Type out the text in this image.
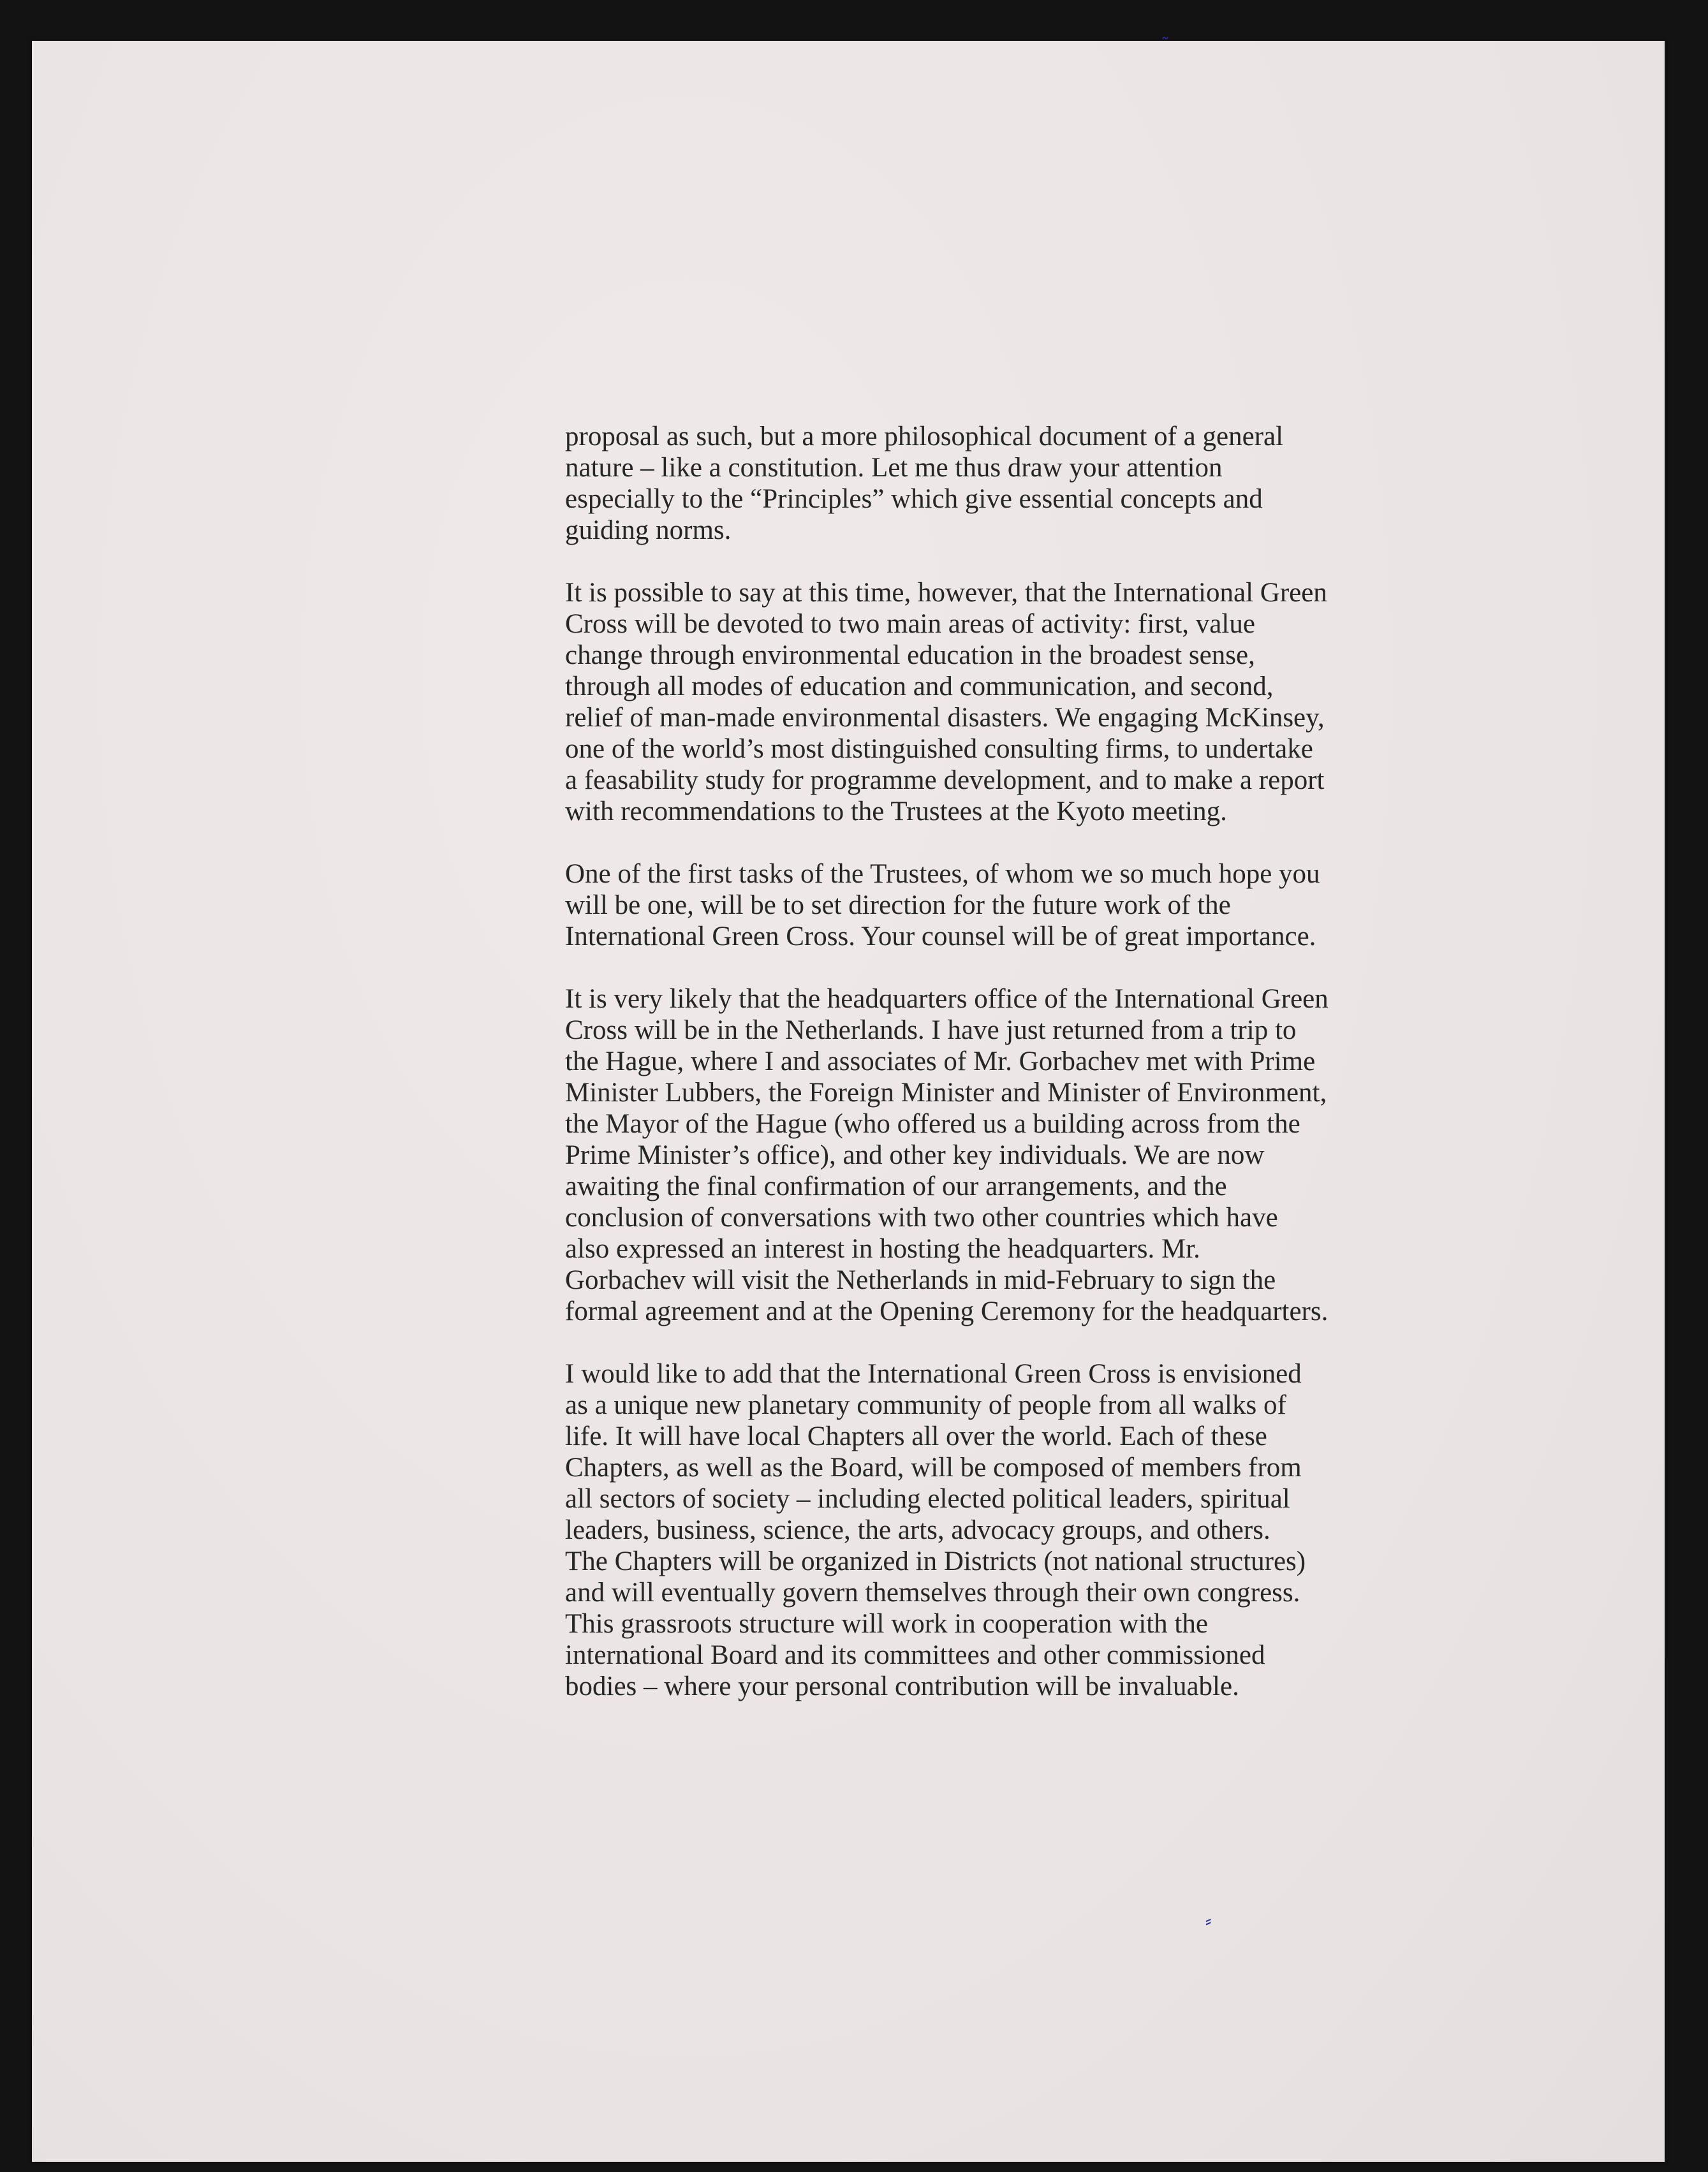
˜

proposal as such, but a more philosophical document of a general
nature – like a constitution. Let me thus draw your attention
especially to the “Principles” which give essential concepts and
guiding norms.

It is possible to say at this time, however, that the International Green
Cross will be devoted to two main areas of activity: first, value
change through environmental education in the broadest sense,
through all modes of education and communication, and second,
relief of man-made environmental disasters. We engaging McKinsey,
one of the world’s most distinguished consulting firms, to undertake
a feasability study for programme development, and to make a report
with recommendations to the Trustees at the Kyoto meeting.

One of the first tasks of the Trustees, of whom we so much hope you
will be one, will be to set direction for the future work of the
International Green Cross. Your counsel will be of great importance.

It is very likely that the headquarters office of the International Green
Cross will be in the Netherlands. I have just returned from a trip to
the Hague, where I and associates of Mr. Gorbachev met with Prime
Minister Lubbers, the Foreign Minister and Minister of Environment,
the Mayor of the Hague (who offered us a building across from the
Prime Minister’s office), and other key individuals. We are now
awaiting the final confirmation of our arrangements, and the
conclusion of conversations with two other countries which have
also expressed an interest in hosting the headquarters. Mr.
Gorbachev will visit the Netherlands in mid-February to sign the
formal agreement and at the Opening Ceremony for the headquarters.

I would like to add that the International Green Cross is envisioned
as a unique new planetary community of people from all walks of
life. It will have local Chapters all over the world. Each of these
Chapters, as well as the Board, will be composed of members from
all sectors of society – including elected political leaders, spiritual
leaders, business, science, the arts, advocacy groups, and others.
The Chapters will be organized in Districts (not national structures)
and will eventually govern themselves through their own congress.
This grassroots structure will work in cooperation with the
international Board and its committees and other commissioned
bodies – where your personal contribution will be invaluable.

⸗
